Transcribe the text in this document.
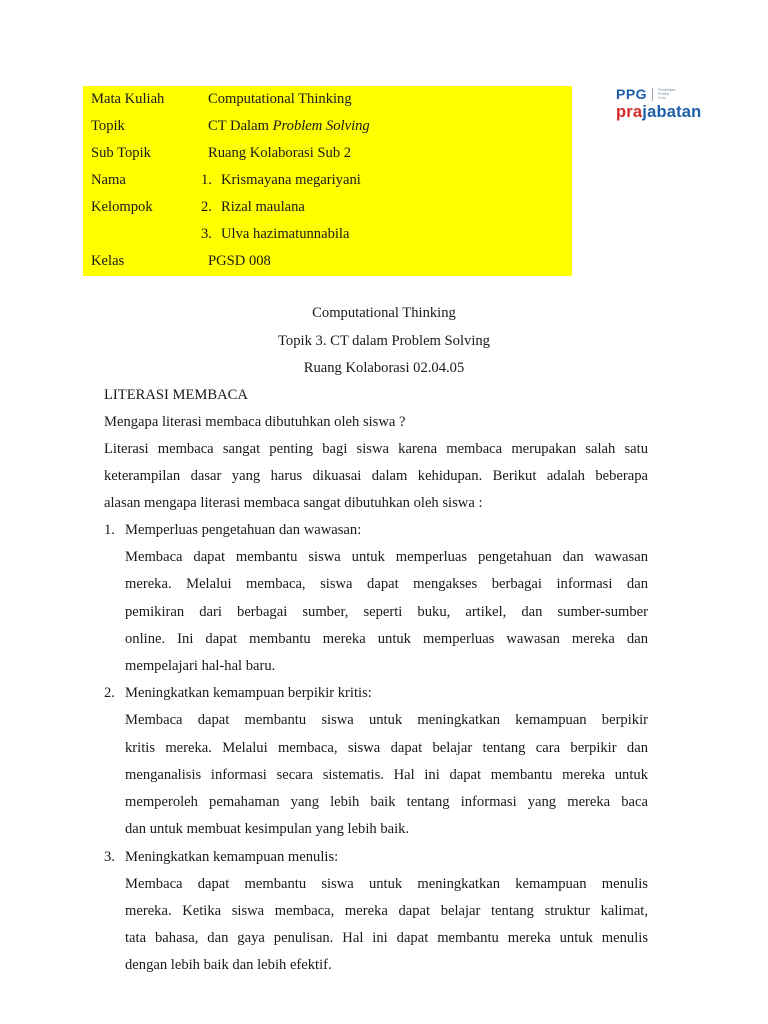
Mata Kuliah	Computational Thinking
Topik	CT Dalam Problem Solving
Sub Topik	Ruang Kolaborasi Sub 2
Nama	1. Krismayana megariyani
Kelompok	2. Rizal maulana
3. Ulva hazimatunnabila
Kelas	PGSD 008
PPG	Pendidikan
Profesi
Guru
prajabatan
Computational Thinking
Topik 3. CT dalam Problem Solving
Ruang Kolaborasi 02.04.05
LITERASI MEMBACA
Mengapa literasi membaca dibutuhkan oleh siswa ?
Literasi membaca sangat penting bagi siswa karena membaca merupakan salah satu
keterampilan dasar yang harus dikuasai dalam kehidupan. Berikut adalah beberapa
alasan mengapa literasi membaca sangat dibutuhkan oleh siswa :
1. Memperluas pengetahuan dan wawasan:
Membaca dapat membantu siswa untuk memperluas pengetahuan dan wawasan
mereka. Melalui membaca, siswa dapat mengakses berbagai informasi dan
pemikiran dari berbagai sumber, seperti buku, artikel, dan sumber-sumber
online. Ini dapat membantu mereka untuk memperluas wawasan mereka dan
mempelajari hal-hal baru.
2. Meningkatkan kemampuan berpikir kritis:
Membaca dapat membantu siswa untuk meningkatkan kemampuan berpikir
kritis mereka. Melalui membaca, siswa dapat belajar tentang cara berpikir dan
menganalisis informasi secara sistematis. Hal ini dapat membantu mereka untuk
memperoleh pemahaman yang lebih baik tentang informasi yang mereka baca
dan untuk membuat kesimpulan yang lebih baik.
3. Meningkatkan kemampuan menulis:
Membaca dapat membantu siswa untuk meningkatkan kemampuan menulis
mereka. Ketika siswa membaca, mereka dapat belajar tentang struktur kalimat,
tata bahasa, dan gaya penulisan. Hal ini dapat membantu mereka untuk menulis
dengan lebih baik dan lebih efektif.
